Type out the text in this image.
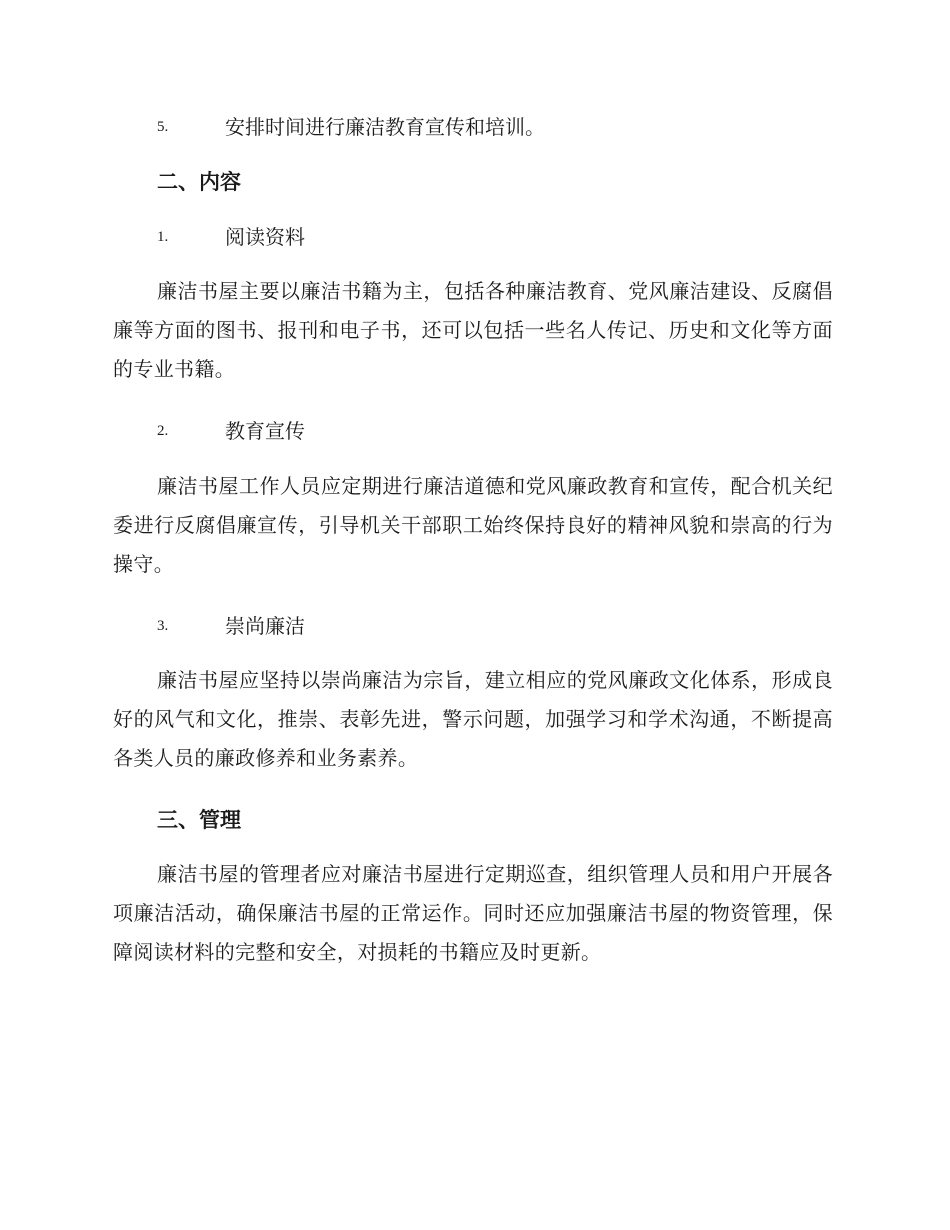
5.	安排时间进行廉洁教育宣传和培训。
二、内容
1.	阅读资料
廉洁书屋主要以廉洁书籍为主，包括各种廉洁教育、党风廉洁建设、反腐倡廉等方面的图书、报刊和电子书，还可以包括一些名人传记、历史和文化等方面的专业书籍。
2.	教育宣传
廉洁书屋工作人员应定期进行廉洁道德和党风廉政教育和宣传，配合机关纪委进行反腐倡廉宣传，引导机关干部职工始终保持良好的精神风貌和崇高的行为操守。
3.	崇尚廉洁
廉洁书屋应坚持以崇尚廉洁为宗旨，建立相应的党风廉政文化体系，形成良好的风气和文化，推崇、表彰先进，警示问题，加强学习和学术沟通，不断提高各类人员的廉政修养和业务素养。
三、管理
廉洁书屋的管理者应对廉洁书屋进行定期巡查，组织管理人员和用户开展各项廉洁活动，确保廉洁书屋的正常运作。同时还应加强廉洁书屋的物资管理，保障阅读材料的完整和安全，对损耗的书籍应及时更新。
